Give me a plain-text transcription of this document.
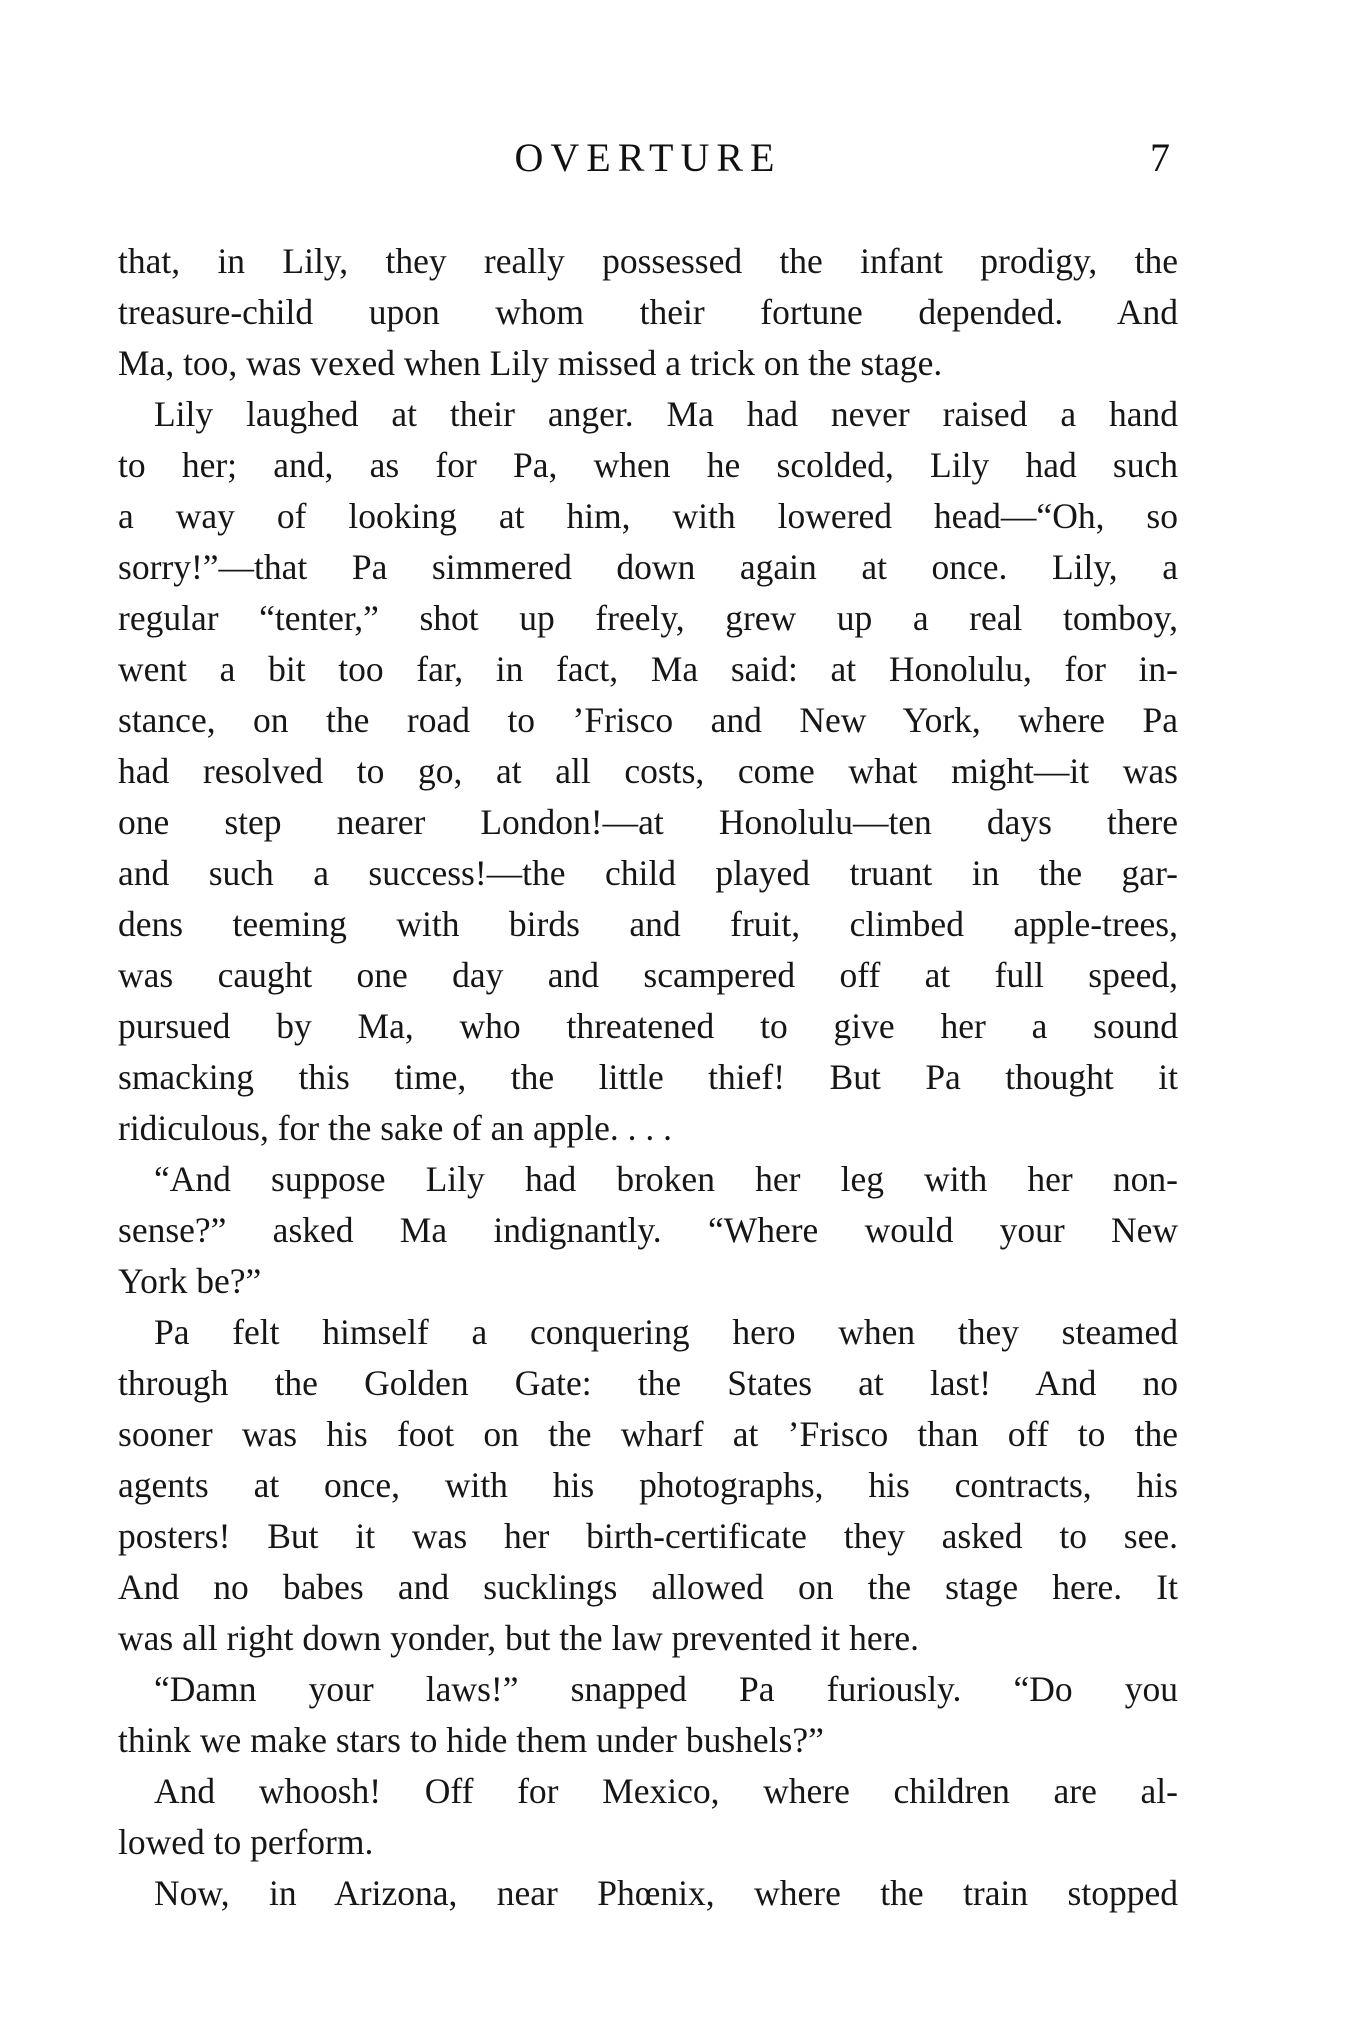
OVERTURE	7
that, in Lily, they really possessed the infant prodigy, the
treasure-child upon whom their fortune depended. And
Ma, too, was vexed when Lily missed a trick on the stage.
Lily laughed at their anger. Ma had never raised a hand
to her; and, as for Pa, when he scolded, Lily had such
a way of looking at him, with lowered head—“Oh, so
sorry!”—that Pa simmered down again at once. Lily, a
regular “tenter,” shot up freely, grew up a real tomboy,
went a bit too far, in fact, Ma said: at Honolulu, for in-
stance, on the road to ’Frisco and New York, where Pa
had resolved to go, at all costs, come what might—it was
one step nearer London!—at Honolulu—ten days there
and such a success!—the child played truant in the gar-
dens teeming with birds and fruit, climbed apple-trees,
was caught one day and scampered off at full speed,
pursued by Ma, who threatened to give her a sound
smacking this time, the little thief! But Pa thought it
ridiculous, for the sake of an apple. . . .
“And suppose Lily had broken her leg with her non-
sense?” asked Ma indignantly. “Where would your New
York be?”
Pa felt himself a conquering hero when they steamed
through the Golden Gate: the States at last! And no
sooner was his foot on the wharf at ’Frisco than off to the
agents at once, with his photographs, his contracts, his
posters! But it was her birth-certificate they asked to see.
And no babes and sucklings allowed on the stage here. It
was all right down yonder, but the law prevented it here.
“Damn your laws!” snapped Pa furiously. “Do you
think we make stars to hide them under bushels?”
And whoosh! Off for Mexico, where children are al-
lowed to perform.
Now, in Arizona, near Phœnix, where the train stopped
